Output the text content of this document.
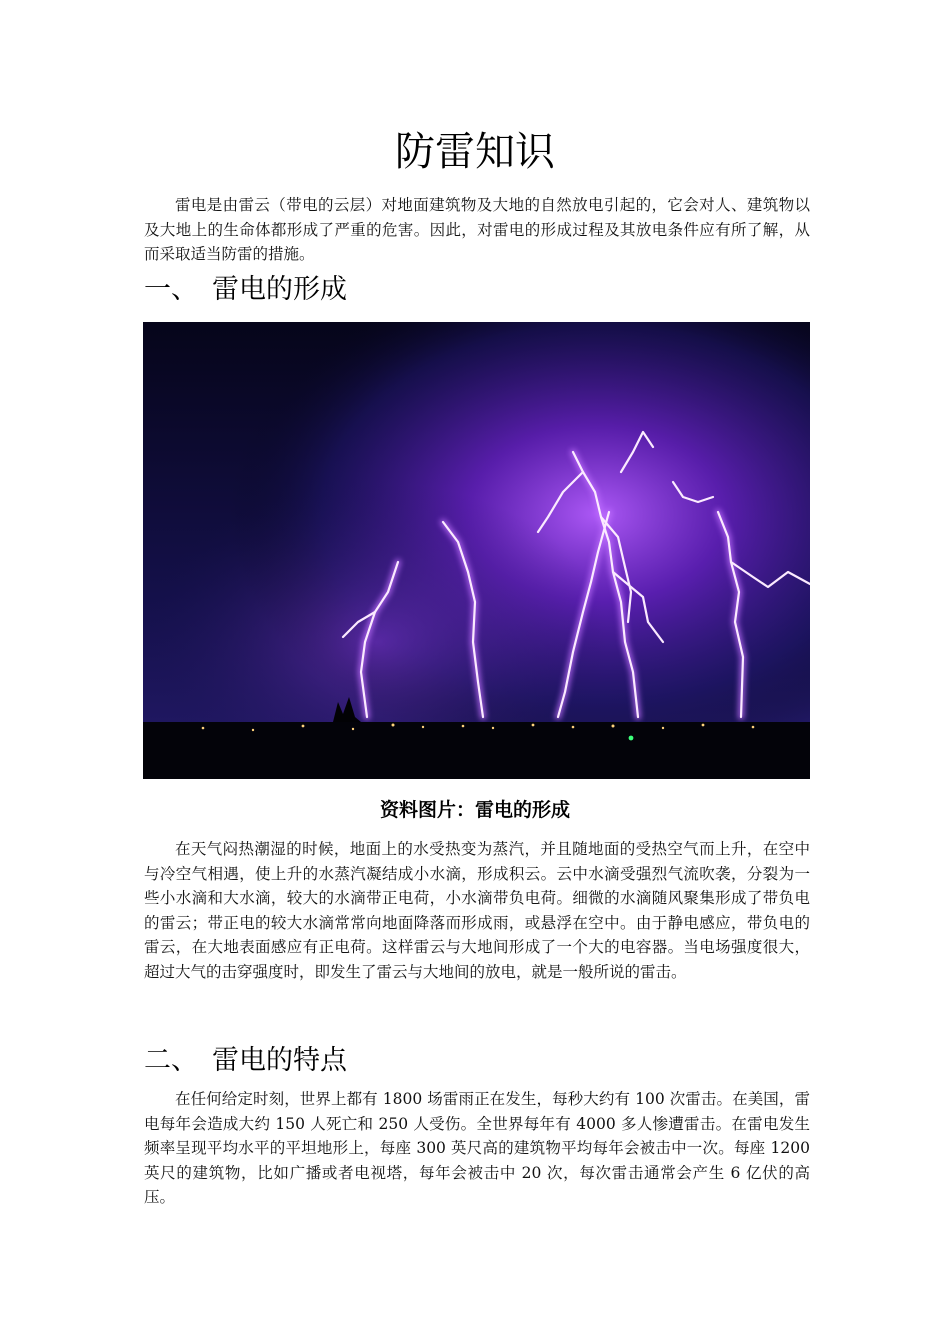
防雷知识

雷电是由雷云（带电的云层）对地面建筑物及大地的自然放电引起的，它会对人、建筑物以及大地上的生命体都形成了严重的危害。因此，对雷电的形成过程及其放电条件应有所了解，从而采取适当防雷的措施。

一、 雷电的形成
资料图片：雷电的形成

在天气闷热潮湿的时候，地面上的水受热变为蒸汽，并且随地面的受热空气而上升，在空中与冷空气相遇，使上升的水蒸汽凝结成小水滴，形成积云。云中水滴受强烈气流吹袭，分裂为一些小水滴和大水滴，较大的水滴带正电荷，小水滴带负电荷。细微的水滴随风聚集形成了带负电的雷云；带正电的较大水滴常常向地面降落而形成雨，或悬浮在空中。由于静电感应，带负电的雷云，在大地表面感应有正电荷。这样雷云与大地间形成了一个大的电容器。当电场强度很大，超过大气的击穿强度时，即发生了雷云与大地间的放电，就是一般所说的雷击。

二、 雷电的特点

在任何给定时刻，世界上都有 1800 场雷雨正在发生，每秒大约有 100 次雷击。在美国，雷电每年会造成大约 150 人死亡和 250 人受伤。全世界每年有 4000 多人惨遭雷击。在雷电发生频率呈现平均水平的平坦地形上，每座 300 英尺高的建筑物平均每年会被击中一次。每座 1200 英尺的建筑物，比如广播或者电视塔，每年会被击中 20 次，每次雷击通常会产生 6 亿伏的高压。
